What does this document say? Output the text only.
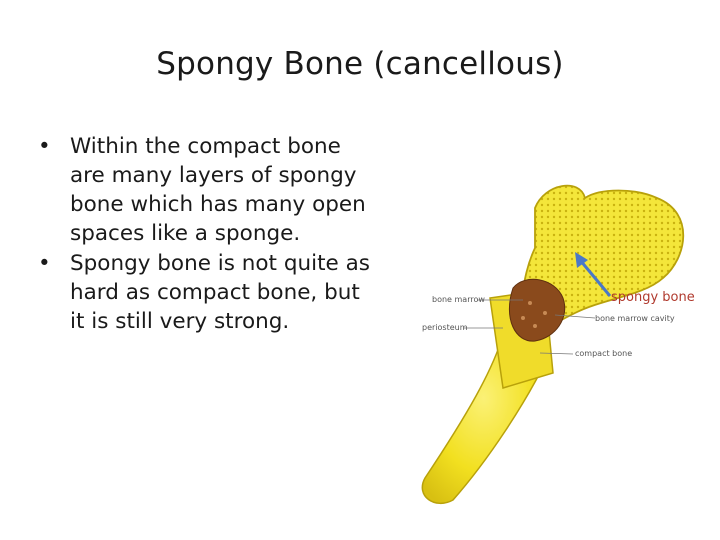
Spongy Bone (cancellous)
• Within the compact bone are many layers of spongy bone which has many open spaces like a sponge.
• Spongy bone is not quite as hard as compact bone, but it is still very strong.
bone marrow
periosteum
bone marrow cavity
compact bone
spongy bone
